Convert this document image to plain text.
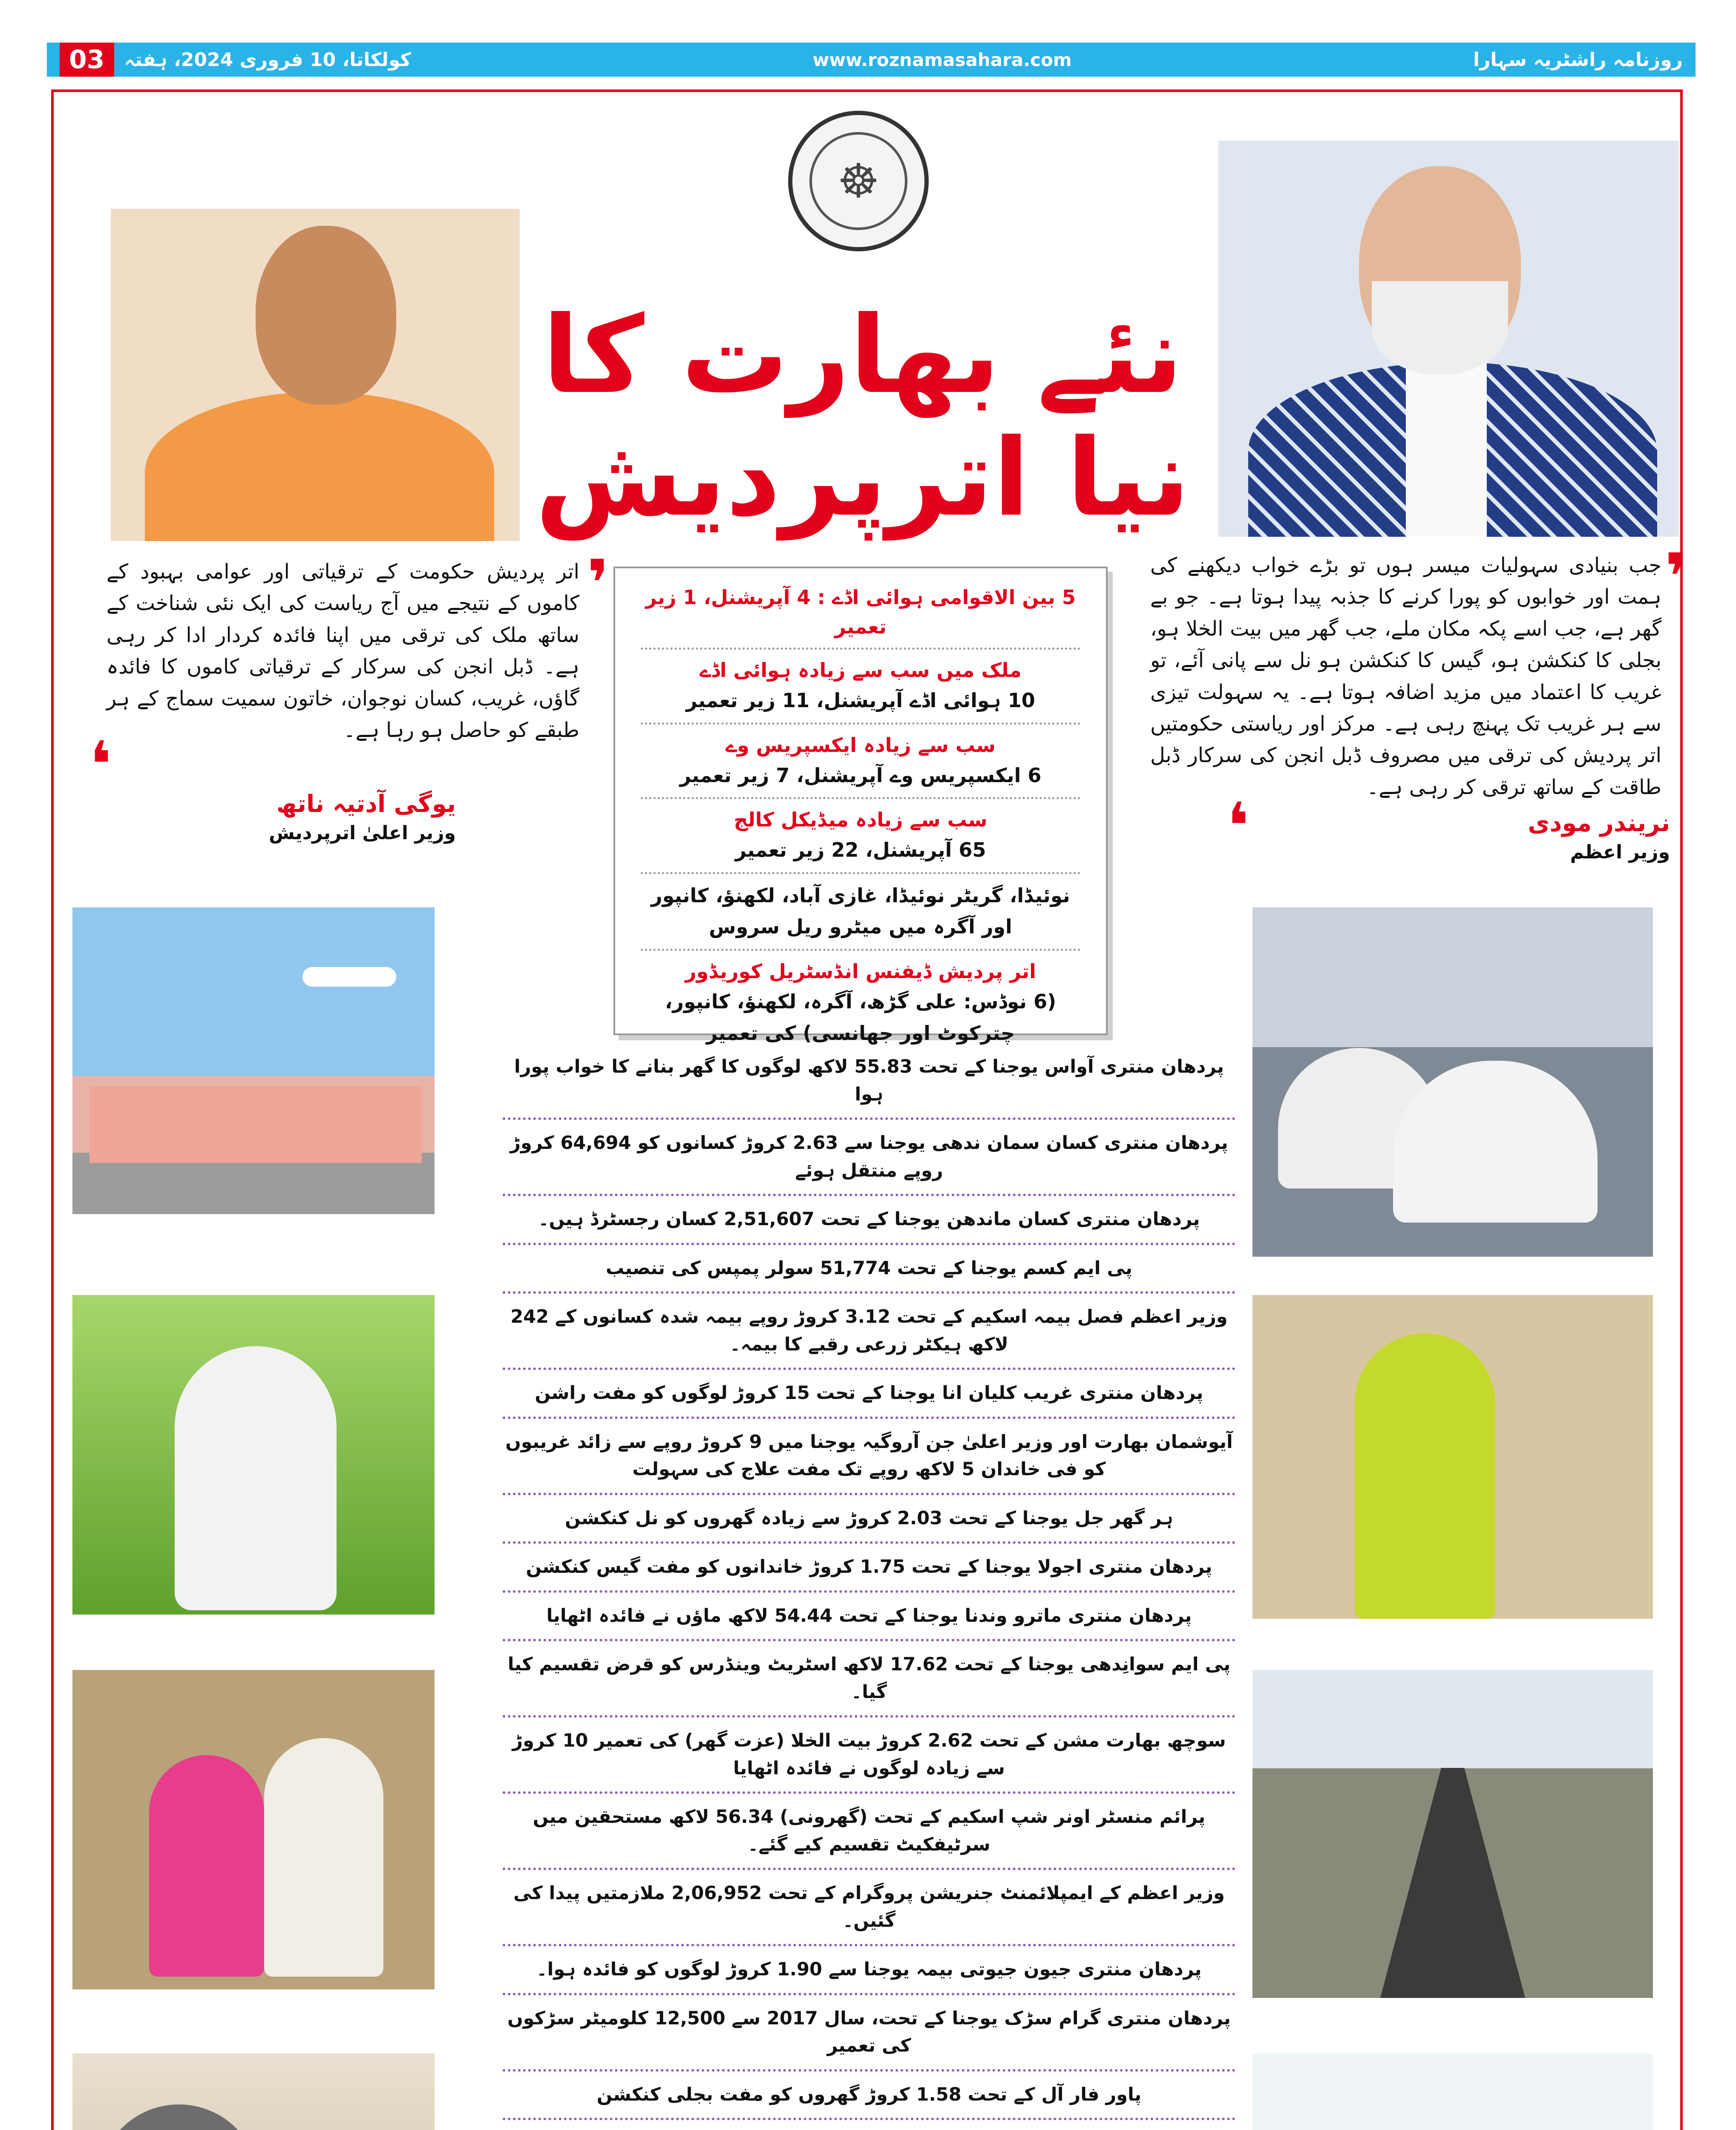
03	کولکاتا، 10 فروری 2024، ہفتہ	www.roznamasahara.com	روزنامہ راشٹریہ سہارا
☸
نئے بھارت کا
نیا اترپردیش
❜
اتر پردیش حکومت کے ترقیاتی اور عوامی بہبود کے کاموں کے نتیجے میں آج ریاست کی ایک نئی شناخت کے ساتھ ملک کی ترقی میں اپنا فائدہ کردار ادا کر رہی ہے۔ ڈبل انجن کی سرکار کے ترقیاتی کاموں کا فائدہ گاؤں، غریب، کسان نوجوان، خاتون سمیت سماج کے ہر طبقے کو حاصل ہو رہا ہے۔
❛
یوگی آدتیہ ناتھ
وزیر اعلیٰ اترپردیش
❜
جب بنیادی سہولیات میسر ہوں تو بڑے خواب دیکھنے کی ہمت اور خوابوں کو پورا کرنے کا جذبہ پیدا ہوتا ہے۔ جو بے گھر ہے، جب اسے پکہ مکان ملے، جب گھر میں بیت الخلا ہو، بجلی کا کنکشن ہو، گیس کا کنکشن ہو نل سے پانی آئے، تو غریب کا اعتماد میں مزید اضافہ ہوتا ہے۔ یہ سہولت تیزی سے ہر غریب تک پہنچ رہی ہے۔ مرکز اور ریاستی حکومتیں اتر پردیش کی ترقی میں مصروف ڈبل انجن کی سرکار ڈبل طاقت کے ساتھ ترقی کر رہی ہے۔
❛	نریندر مودی
وزیر اعظم
5 بین الاقوامی ہوائی اڈے : 4 آپریشنل، 1 زیر تعمیر
ملک میں سب سے زیادہ ہوائی اڈے
10 ہوائی اڈے آپریشنل، 11 زیر تعمیر
سب سے زیادہ ایکسپریس وے
6 ایکسپریس وے آپریشنل، 7 زیر تعمیر
سب سے زیادہ میڈیکل کالج
65 آپریشنل، 22 زیر تعمیر
نوئیڈا، گریٹر نوئیڈا، غازی آباد، لکھنؤ، کانپور اور آگرہ میں میٹرو ریل سروس
اتر پردیش ڈیفنس انڈسٹریل کوریڈور
(6 نوڈس: علی گڑھ، آگرہ، لکھنؤ، کانپور، چترکوٹ اور جھانسی) کی تعمیر
پردھان منتری آواس یوجنا کے تحت 55.83 لاکھ لوگوں کا گھر بنانے کا خواب پورا ہوا
پردھان منتری کسان سمان ندھی یوجنا سے 2.63 کروڑ کسانوں کو 64,694 کروڑ روپے منتقل ہوئے
پردھان منتری کسان ماندھن یوجنا کے تحت 2,51,607 کسان رجسٹرڈ ہیں۔
پی ایم کسم یوجنا کے تحت 51,774 سولر پمپس کی تنصیب
وزیر اعظم فصل بیمہ اسکیم کے تحت 3.12 کروڑ روپے بیمہ شدہ کسانوں کے 242 لاکھ ہیکٹر زرعی رقبے کا بیمہ۔
پردھان منتری غریب کلیان انا یوجنا کے تحت 15 کروڑ لوگوں کو مفت راشن
آیوشمان بھارت اور وزیر اعلیٰ جن آروگیہ یوجنا میں 9 کروڑ روپے سے زائد غریبوں کو فی خاندان 5 لاکھ روپے تک مفت علاج کی سہولت
ہر گھر جل یوجنا کے تحت 2.03 کروڑ سے زیادہ گھروں کو نل کنکشن
پردھان منتری اجولا یوجنا کے تحت 1.75 کروڑ خاندانوں کو مفت گیس کنکشن
پردھان منتری ماترو وندنا یوجنا کے تحت 54.44 لاکھ ماؤں نے فائدہ اٹھایا
پی ایم سوانِدھی یوجنا کے تحت 17.62 لاکھ اسٹریٹ وینڈرس کو قرض تقسیم کیا گیا۔
سوچھ بھارت مشن کے تحت 2.62 کروڑ بیت الخلا (عزت گھر) کی تعمیر 10 کروڑ سے زیادہ لوگوں نے فائدہ اٹھایا
پرائم منسٹر اونر شپ اسکیم کے تحت (گھرونی) 56.34 لاکھ مستحقین میں سرٹیفکیٹ تقسیم کیے گئے۔
وزیر اعظم کے ایمپلائمنٹ جنریشن پروگرام کے تحت 2,06,952 ملازمتیں پیدا کی گئیں۔
پردھان منتری جیون جیوتی بیمہ یوجنا سے 1.90 کروڑ لوگوں کو فائدہ ہوا۔
پردھان منتری گرام سڑک یوجنا کے تحت، سال 2017 سے 12,500 کلومیٹر سڑکوں کی تعمیر
پاور فار آل کے تحت 1.58 کروڑ گھروں کو مفت بجلی کنکشن
